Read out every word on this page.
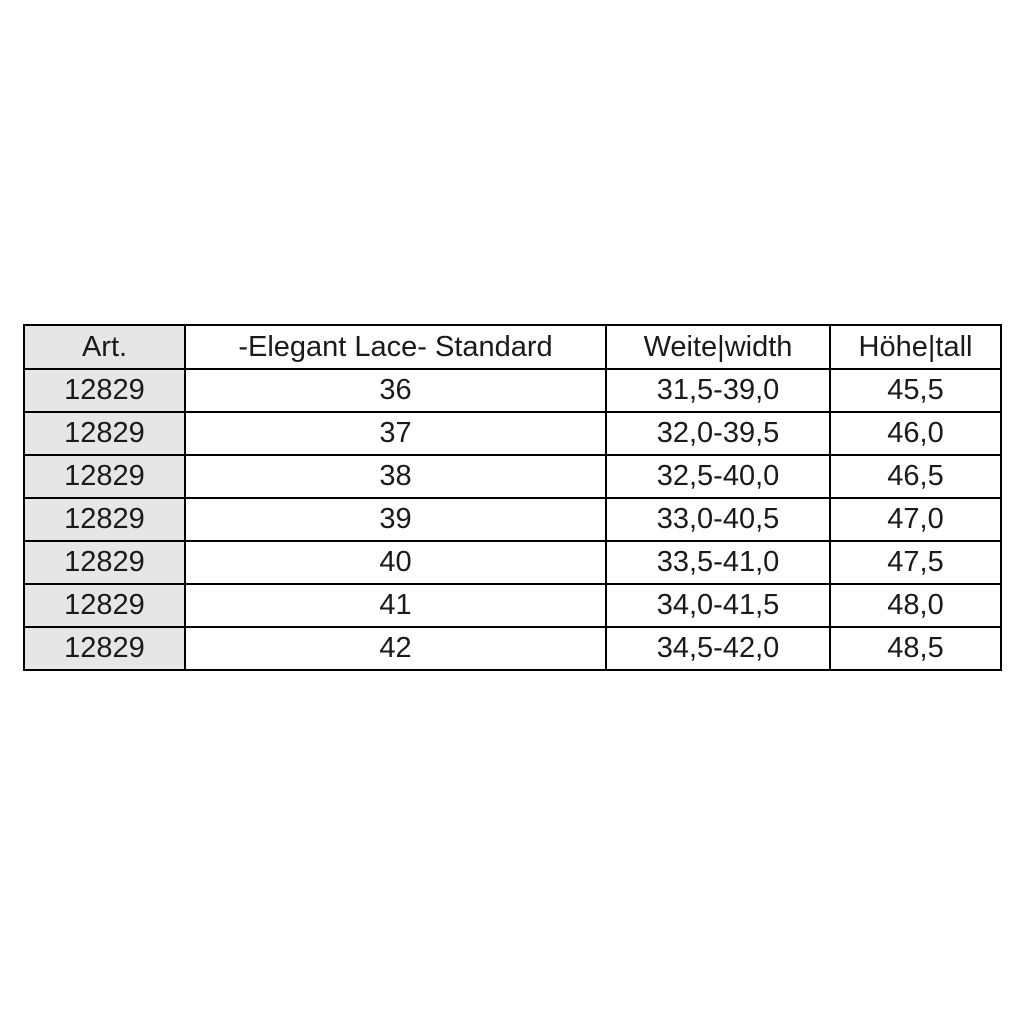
Art.	-Elegant Lace- Standard	Weite|width	Höhe|tall
12829	36	31,5-39,0	45,5
12829	37	32,0-39,5	46,0
12829	38	32,5-40,0	46,5
12829	39	33,0-40,5	47,0
12829	40	33,5-41,0	47,5
12829	41	34,0-41,5	48,0
12829	42	34,5-42,0	48,5
